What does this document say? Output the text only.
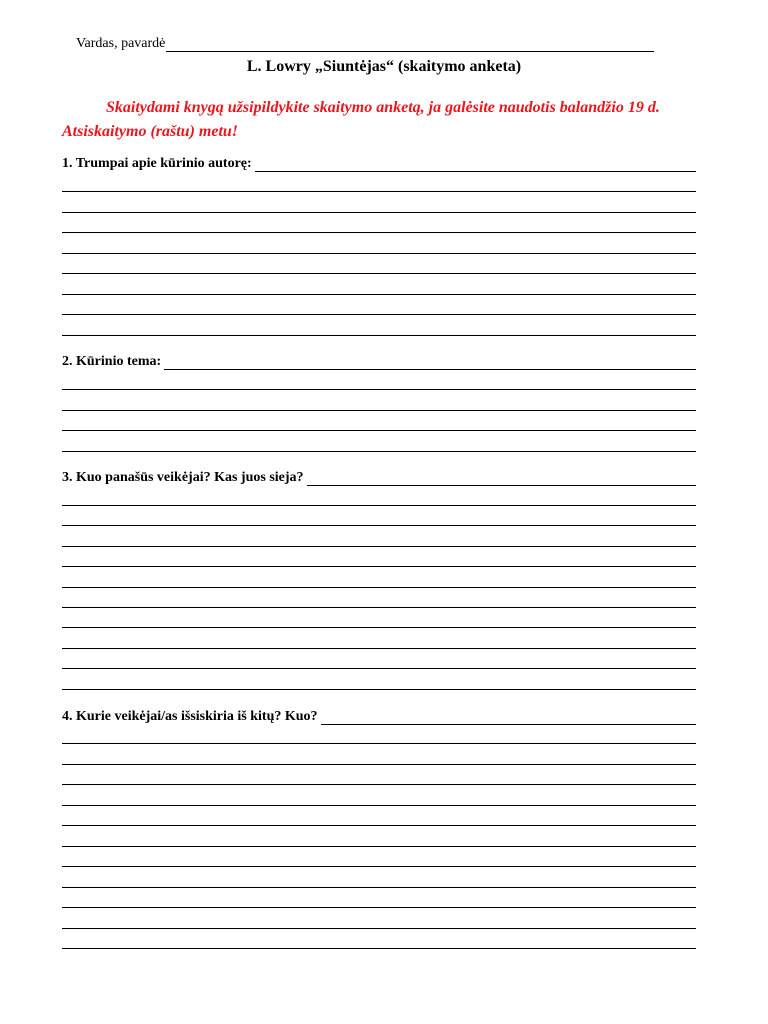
Vardas, pavardė
L. Lowry „Siuntėjas“ (skaitymo anketa)
Skaitydami knygą užsipildykite skaitymo anketą, ja galėsite naudotis balandžio 19 d. Atsiskaitymo (raštu) metu!
1. Trumpai apie kūrinio autorę:
2. Kūrinio tema:
3. Kuo panašūs veikėjai? Kas juos sieja?
4. Kurie veikėjai/as išsiskiria iš kitų? Kuo?
